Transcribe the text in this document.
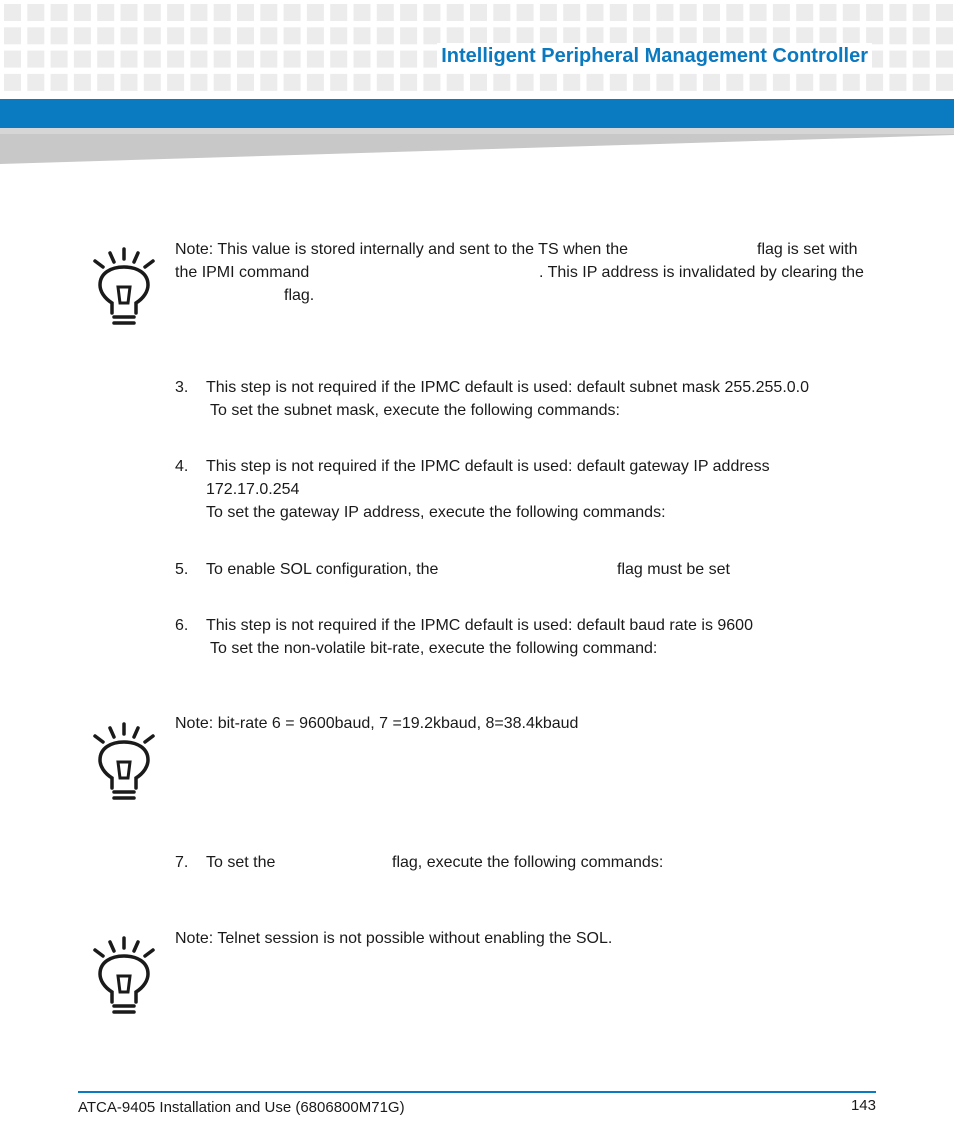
Intelligent Peripheral Management Controller
Note: This value is stored internally and sent to the TS when the	flag is set with
the IPMI command	. This IP address is invalidated by clearing the
flag.
3. This step is not required if the IPMC default is used: default subnet mask 255.255.0.0
To set the subnet mask, execute the following commands:
4. This step is not required if the IPMC default is used: default gateway IP address
172.17.0.254
To set the gateway IP address, execute the following commands:
5. To enable SOL configuration, the	flag must be set
6. This step is not required if the IPMC default is used: default baud rate is 9600
To set the non-volatile bit-rate, execute the following command:
Note: bit-rate 6 = 9600baud, 7 =19.2kbaud, 8=38.4kbaud
7. To set the	flag, execute the following commands:
Note: Telnet session is not possible without enabling the SOL.
ATCA-9405 Installation and Use (6806800M71G)	143
